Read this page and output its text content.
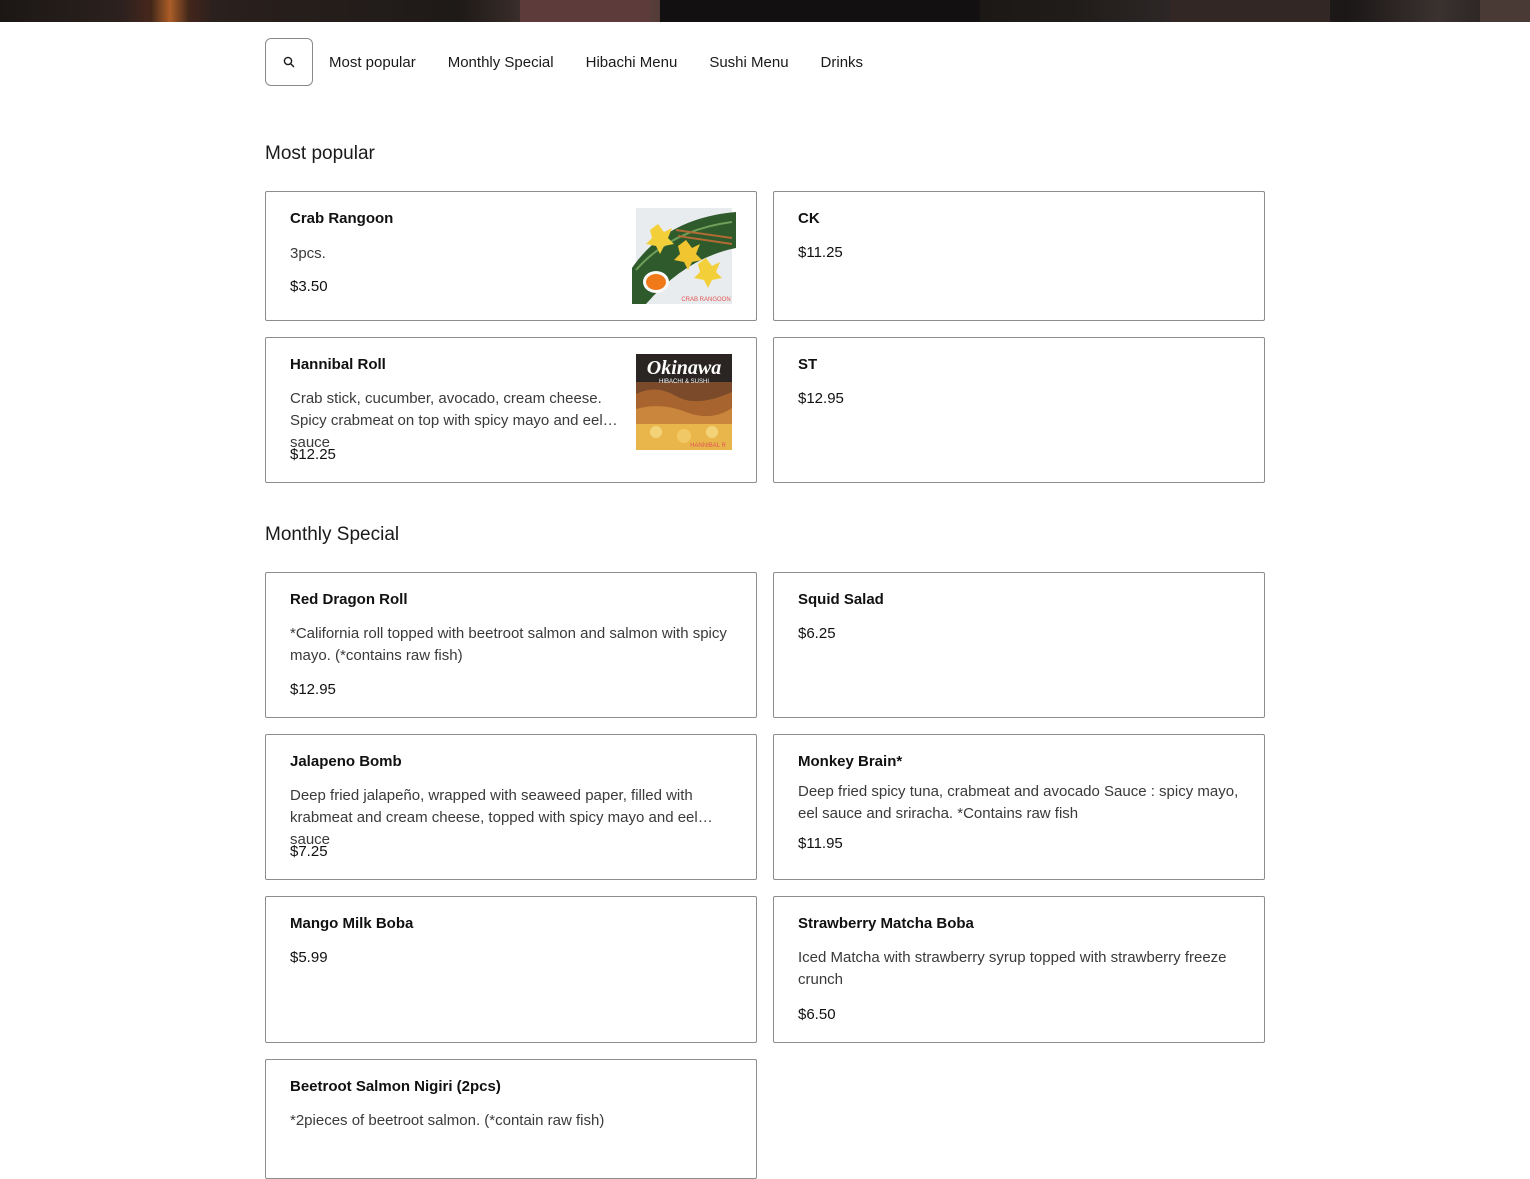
Most popular Monthly Special Hibachi Menu Sushi Menu Drinks
Most popular
Crab Rangoon
3pcs.
$3.50
CRAB RANGOON
CK
$11.25
Hannibal Roll
Crab stick, cucumber, avocado, cream cheese. Spicy crabmeat on top with spicy mayo and eel sauce
$12.25
Okinawa
HIBACHI & SUSHI
HANNIBAL R
ST
$12.95
Monthly Special
Red Dragon Roll
*California roll topped with beetroot salmon and salmon with spicy mayo. (*contains raw fish)
$12.95
Squid Salad
$6.25
Jalapeno Bomb
Deep fried jalapeño, wrapped with seaweed paper, filled with krabmeat and cream cheese, topped with spicy mayo and eel sauce
$7.25
Monkey Brain*
Deep fried spicy tuna, crabmeat and avocado Sauce : spicy mayo, eel sauce and sriracha. *Contains raw fish
$11.95
Mango Milk Boba
$5.99
Strawberry Matcha Boba
Iced Matcha with strawberry syrup topped with strawberry freeze crunch
$6.50
Beetroot Salmon Nigiri (2pcs)
*2pieces of beetroot salmon. (*contain raw fish)
